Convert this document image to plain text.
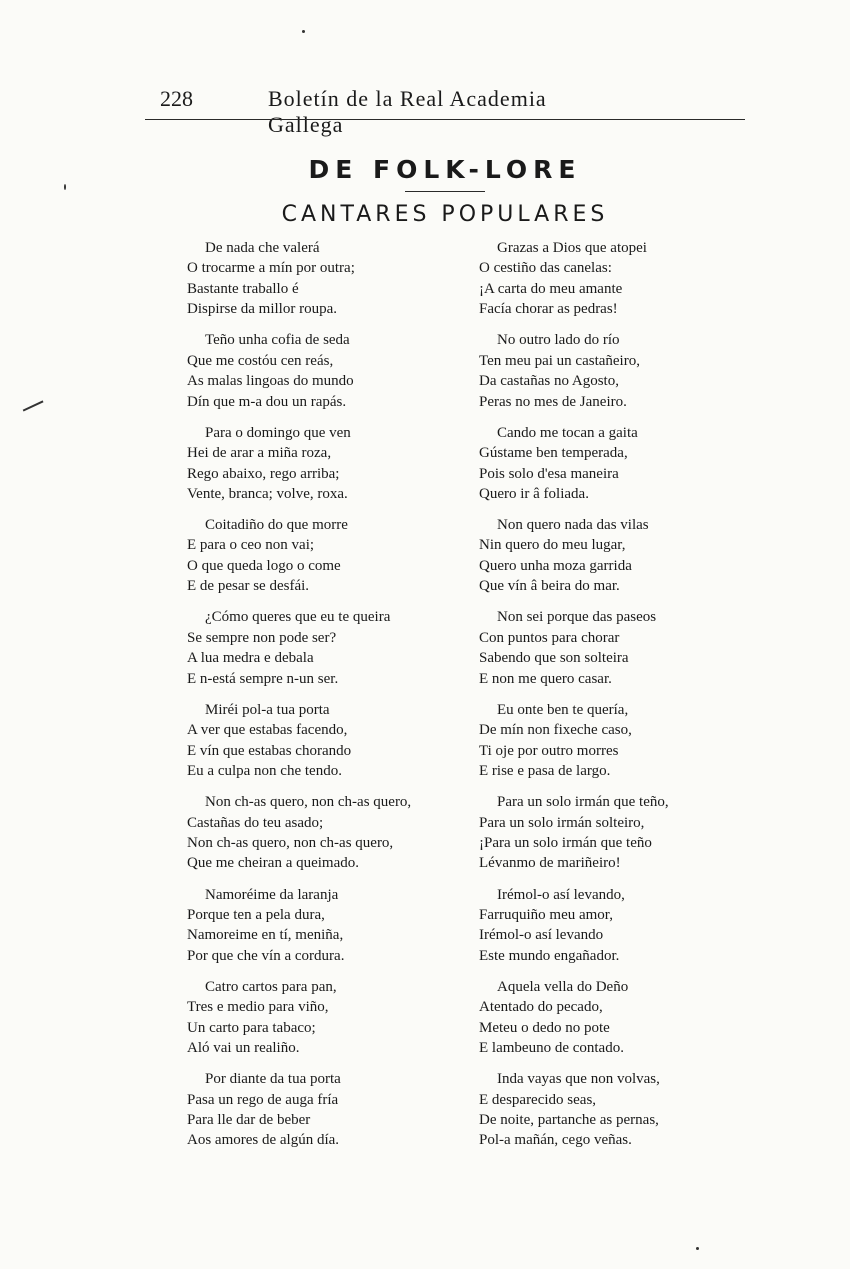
228	Boletín de la Real Academia Gallega
DE FOLK-LORE
CANTARES POPULARES
De nada che valerá
O trocarme a mín por outra;
Bastante traballo é
Dispirse da millor roupa.
Teño unha cofia de seda
Que me costóu cen reás,
As malas lingoas do mundo
Dín que m-a dou un rapás.
Para o domingo que ven
Hei de arar a miña roza,
Rego abaixo, rego arriba;
Vente, branca; volve, roxa.
Coitadiño do que morre
E para o ceo non vai;
O que queda logo o come
E de pesar se desfái.
¿Cómo queres que eu te queira
Se sempre non pode ser?
A lua medra e debala
E n-está sempre n-un ser.
Miréi pol-a tua porta
A ver que estabas facendo,
E vín que estabas chorando
Eu a culpa non che tendo.
Non ch-as quero, non ch-as quero,
Castañas do teu asado;
Non ch-as quero, non ch-as quero,
Que me cheiran a queimado.
Namoréime da laranja
Porque ten a pela dura,
Namoreime en tí, meniña,
Por que che vín a cordura.
Catro cartos para pan,
Tres e medio para viño,
Un carto para tabaco;
Aló vai un realiño.
Por diante da tua porta
Pasa un rego de auga fría
Para lle dar de beber
Aos amores de algún día.
Grazas a Dios que atopei
O cestiño das canelas:
¡A carta do meu amante
Facía chorar as pedras!
No outro lado do río
Ten meu pai un castañeiro,
Da castañas no Agosto,
Peras no mes de Janeiro.
Cando me tocan a gaita
Gústame ben temperada,
Pois solo d'esa maneira
Quero ir â foliada.
Non quero nada das vilas
Nin quero do meu lugar,
Quero unha moza garrida
Que vín â beira do mar.
Non sei porque das paseos
Con puntos para chorar
Sabendo que son solteira
E non me quero casar.
Eu onte ben te quería,
De mín non fixeche caso,
Ti oje por outro morres
E rise e pasa de largo.
Para un solo irmán que teño,
Para un solo irmán solteiro,
¡Para un solo irmán que teño
Lévanmo de mariñeiro!
Irémol-o así levando,
Farruquiño meu amor,
Irémol-o así levando
Este mundo engañador.
Aquela vella do Deño
Atentado do pecado,
Meteu o dedo no pote
E lambeuno de contado.
Inda vayas que non volvas,
E desparecido seas,
De noite, partanche as pernas,
Pol-a mañán, cego veñas.
